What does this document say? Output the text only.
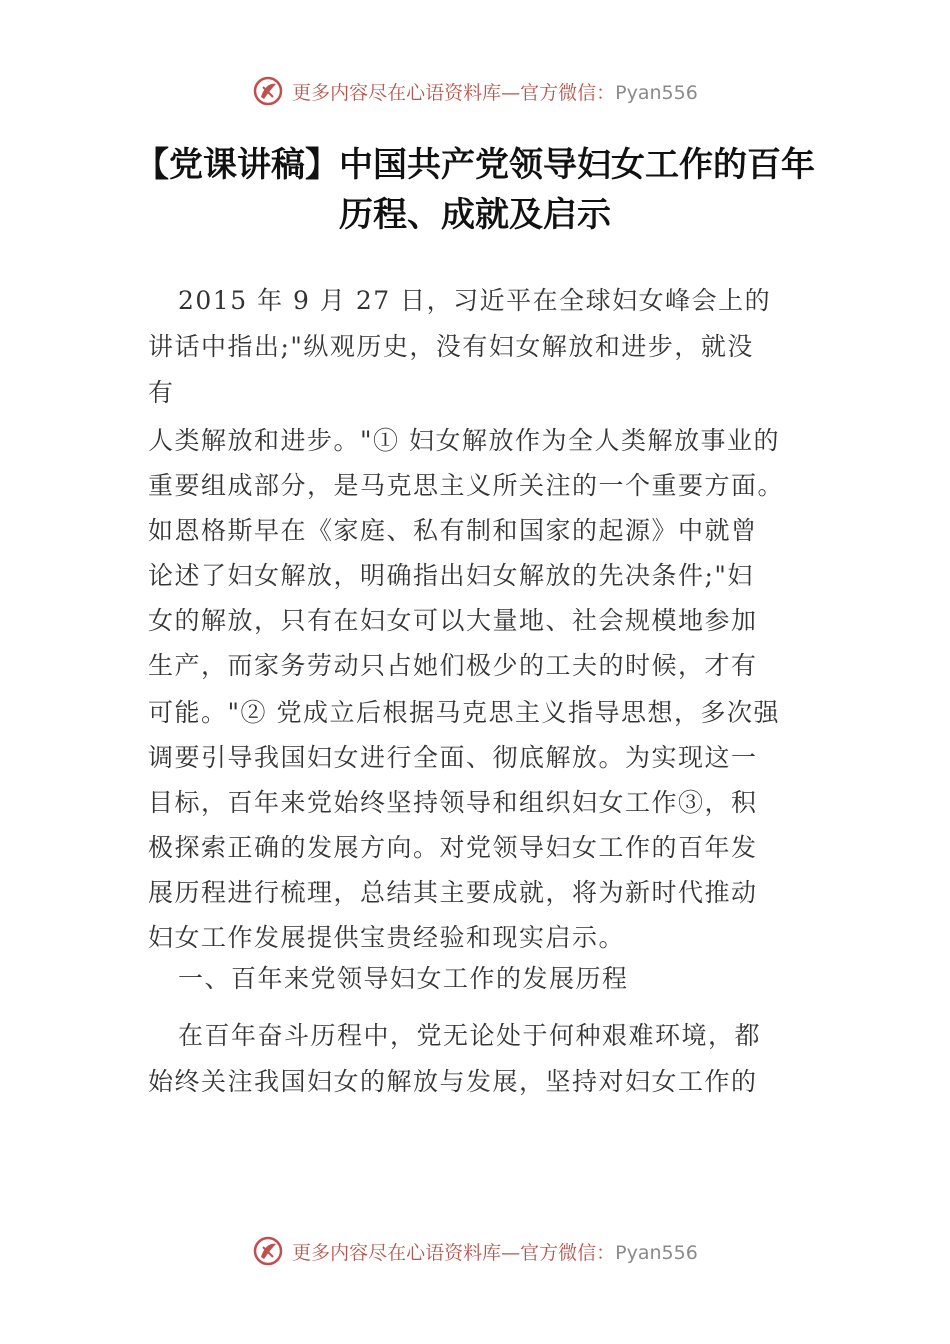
更多内容尽在心语资料库—官方微信：Pyan556
【党课讲稿】中国共产党领导妇女工作的百年
历程、成就及启示
2015 年 9 月 27 日，习近平在全球妇女峰会上的
讲话中指出;"纵观历史，没有妇女解放和进步，就没
有
人类解放和进步。"① 妇女解放作为全人类解放事业的
重要组成部分，是马克思主义所关注的一个重要方面。
如恩格斯早在《家庭、私有制和国家的起源》中就曾
论述了妇女解放，明确指出妇女解放的先决条件;"妇
女的解放，只有在妇女可以大量地、社会规模地参加
生产，而家务劳动只占她们极少的工夫的时候，才有
可能。"② 党成立后根据马克思主义指导思想，多次强
调要引导我国妇女进行全面、彻底解放。为实现这一
目标，百年来党始终坚持领导和组织妇女工作③，积
极探索正确的发展方向。对党领导妇女工作的百年发
展历程进行梳理，总结其主要成就，将为新时代推动
妇女工作发展提供宝贵经验和现实启示。
一、百年来党领导妇女工作的发展历程
在百年奋斗历程中，党无论处于何种艰难环境，都
始终关注我国妇女的解放与发展，坚持对妇女工作的
更多内容尽在心语资料库—官方微信：Pyan556
